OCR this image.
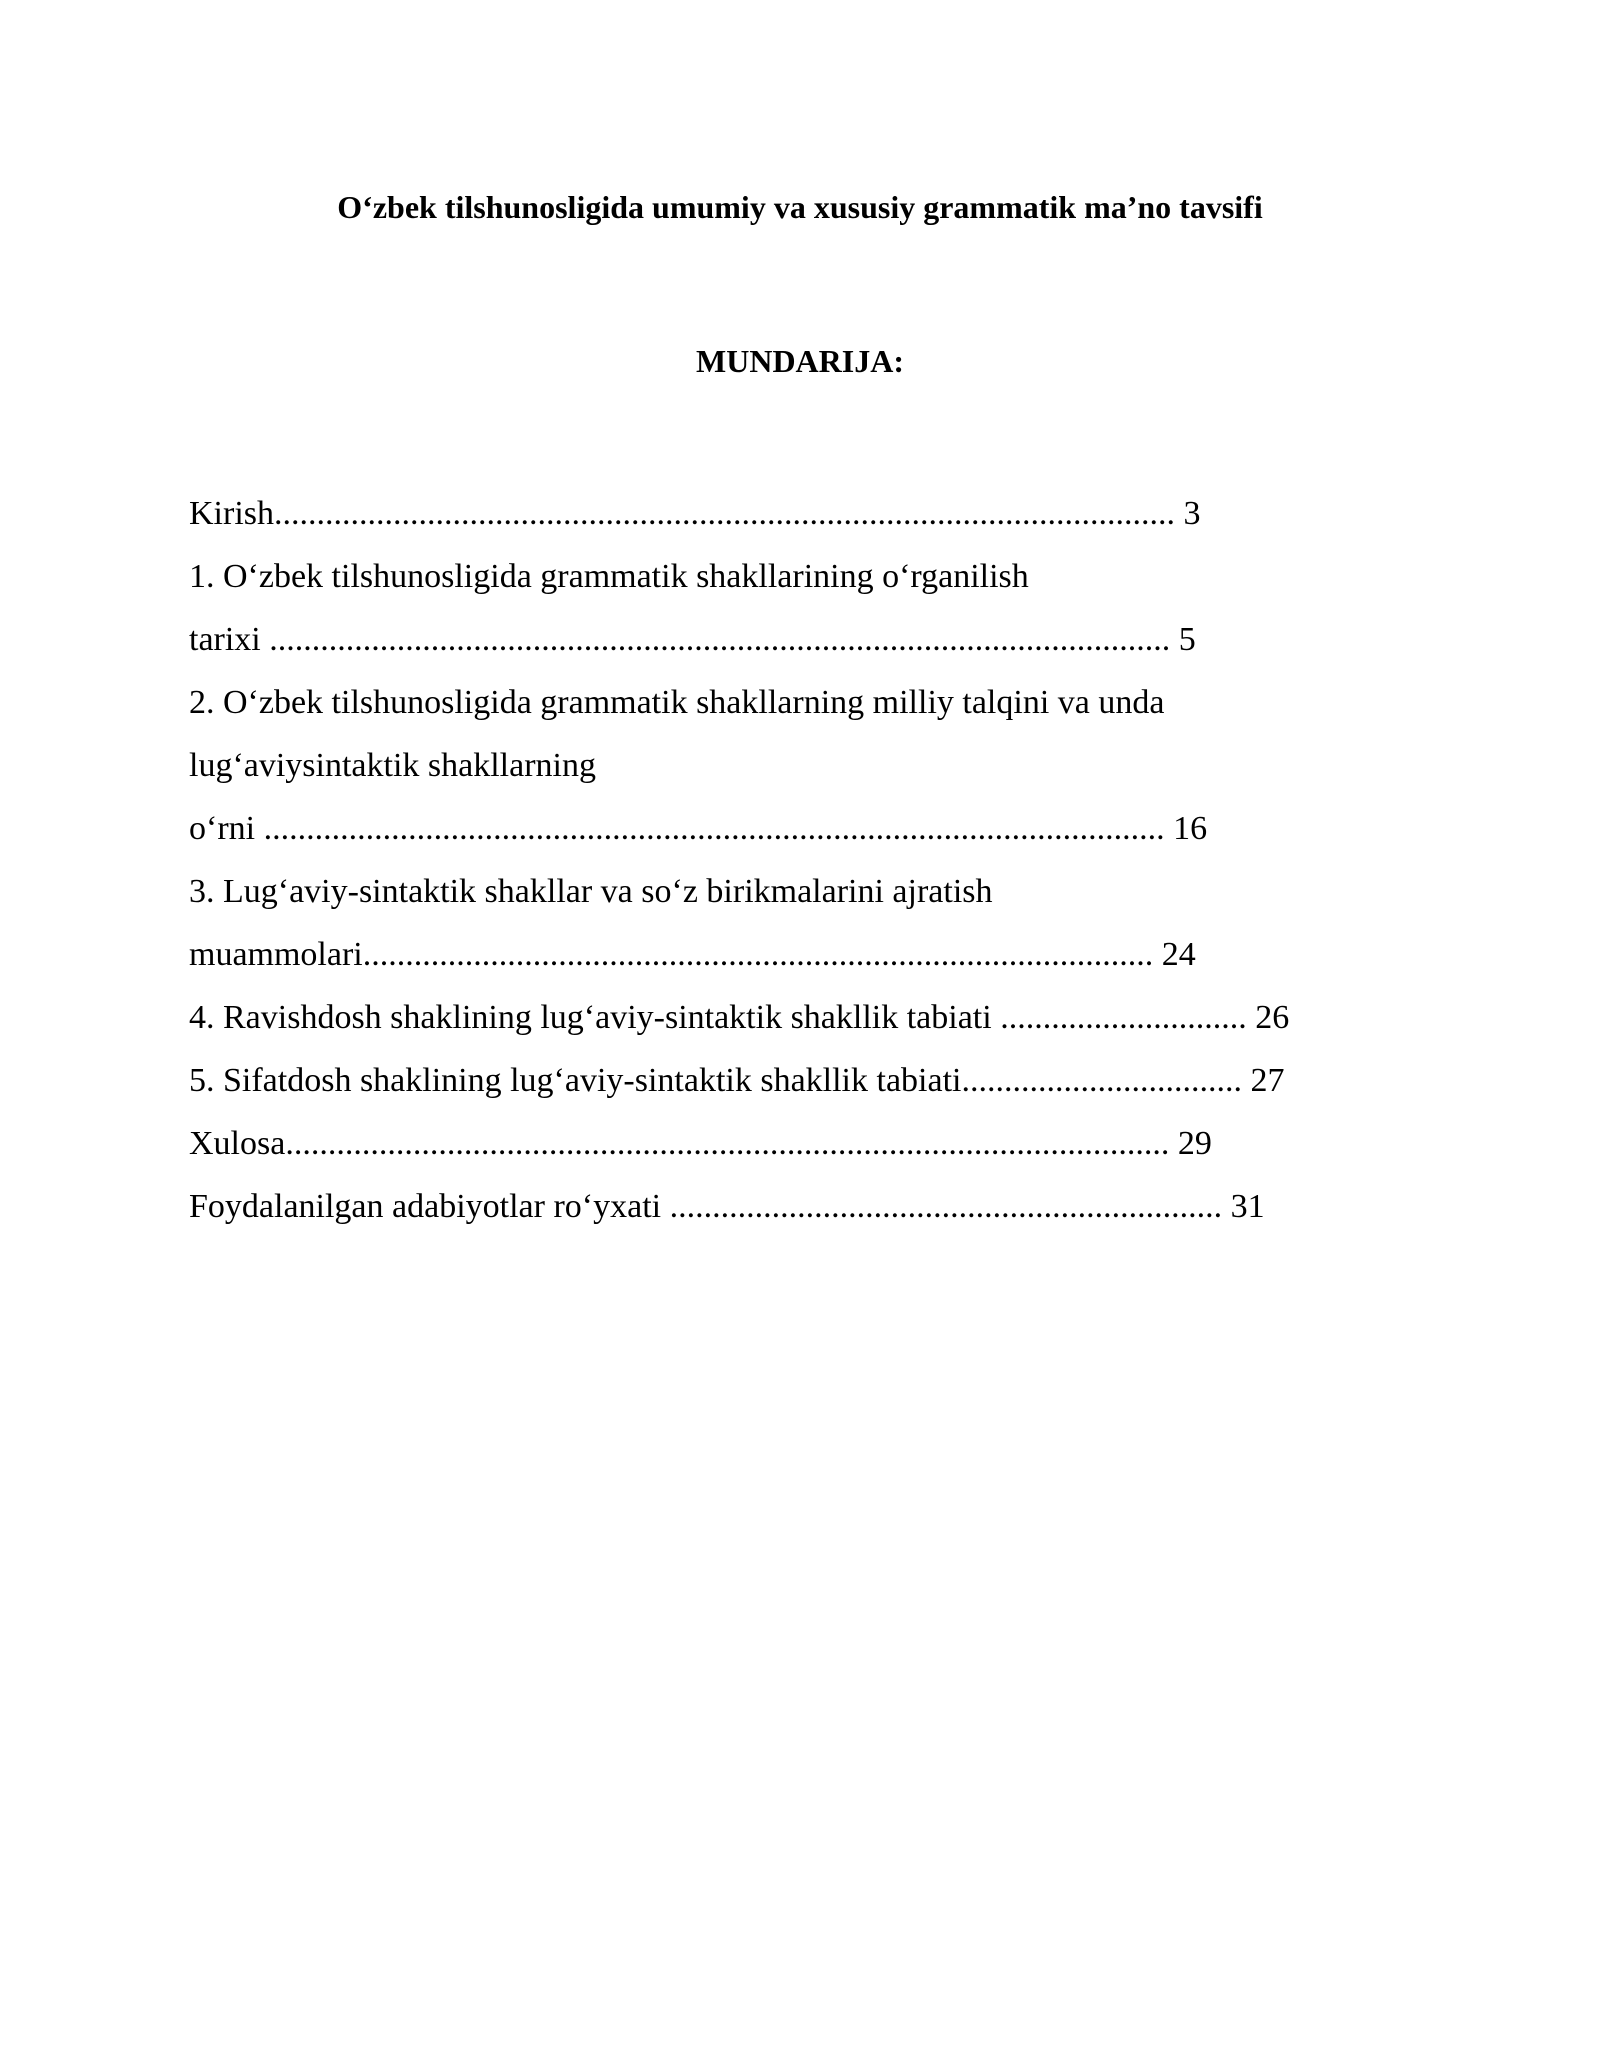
O‘zbek tilshunosligida umumiy va xususiy grammatik ma’no tavsifi
MUNDARIJA:
Kirish.......................................................................................................... 3
1. O‘zbek tilshunosligida grammatik shakllarining o‘rganilish
tarixi .......................................................................................................... 5
2. O‘zbek tilshunosligida grammatik shakllarning milliy talqini va unda
lug‘aviysintaktik shakllarning
o‘rni .......................................................................................................... 16
3. Lug‘aviy-sintaktik shakllar va so‘z birikmalarini ajratish
muammolari............................................................................................. 24
4. Ravishdosh shaklining lug‘aviy-sintaktik shakllik tabiati ............................. 26
5. Sifatdosh shaklining lug‘aviy-sintaktik shakllik tabiati................................. 27
Xulosa........................................................................................................ 29
Foydalanilgan adabiyotlar ro‘yxati ................................................................. 31
